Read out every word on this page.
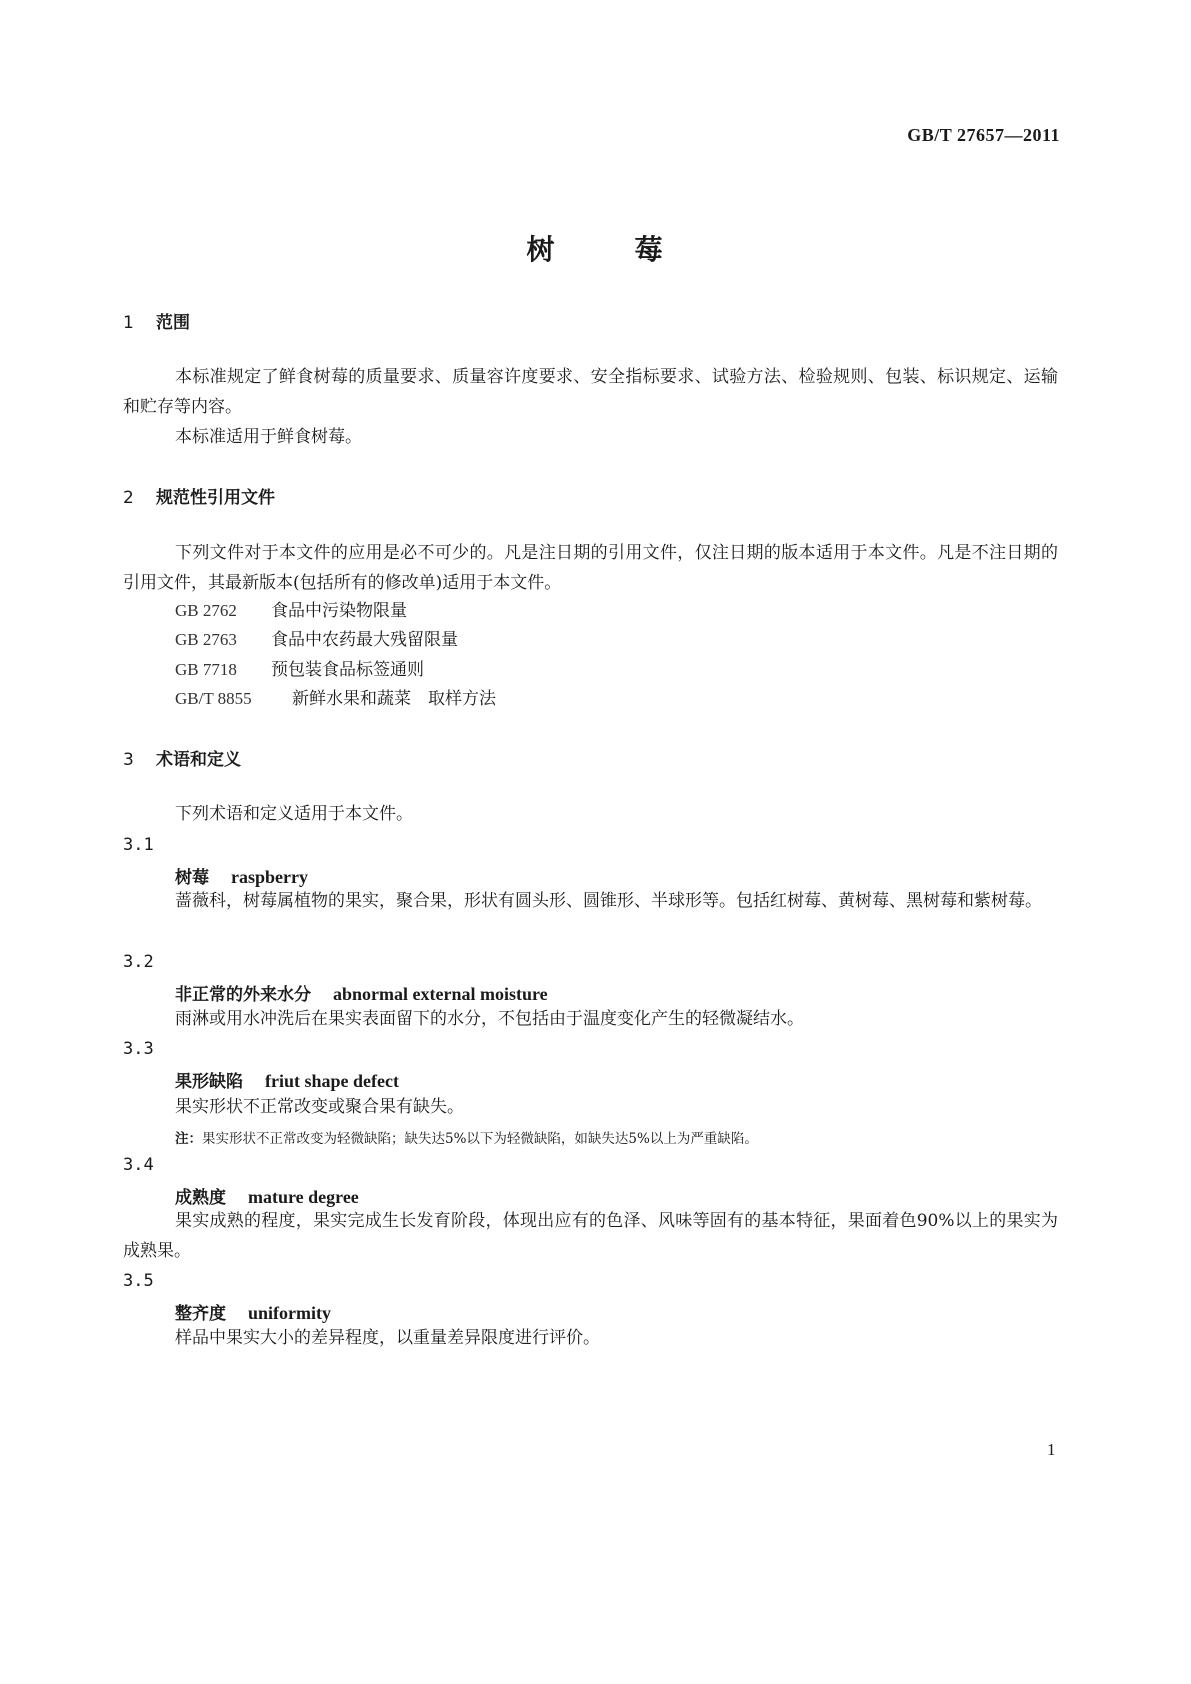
GB/T 27657—2011
树	莓
1 范围
本标准规定了鲜食树莓的质量要求、质量容许度要求、安全指标要求、试验方法、检验规则、包装、标识规定、运输和贮存等内容。
本标准适用于鲜食树莓。
2 规范性引用文件
下列文件对于本文件的应用是必不可少的。凡是注日期的引用文件，仅注日期的版本适用于本文件。凡是不注日期的引用文件，其最新版本(包括所有的修改单)适用于本文件。
GB 2762 食品中污染物限量
GB 2763 食品中农药最大残留限量
GB 7718 预包装食品标签通则
GB/T 8855 新鲜水果和蔬菜　取样方法
3 术语和定义
下列术语和定义适用于本文件。
3.1
树莓 raspberry
蔷薇科，树莓属植物的果实，聚合果，形状有圆头形、圆锥形、半球形等。包括红树莓、黄树莓、黑树莓和紫树莓。
3.2
非正常的外来水分 abnormal external moisture
雨淋或用水冲洗后在果实表面留下的水分，不包括由于温度变化产生的轻微凝结水。
3.3
果形缺陷 friut shape defect
果实形状不正常改变或聚合果有缺失。
注：果实形状不正常改变为轻微缺陷；缺失达5%以下为轻微缺陷，如缺失达5%以上为严重缺陷。
3.4
成熟度 mature degree
果实成熟的程度，果实完成生长发育阶段，体现出应有的色泽、风味等固有的基本特征，果面着色90%以上的果实为成熟果。
3.5
整齐度 uniformity
样品中果实大小的差异程度，以重量差异限度进行评价。
1
